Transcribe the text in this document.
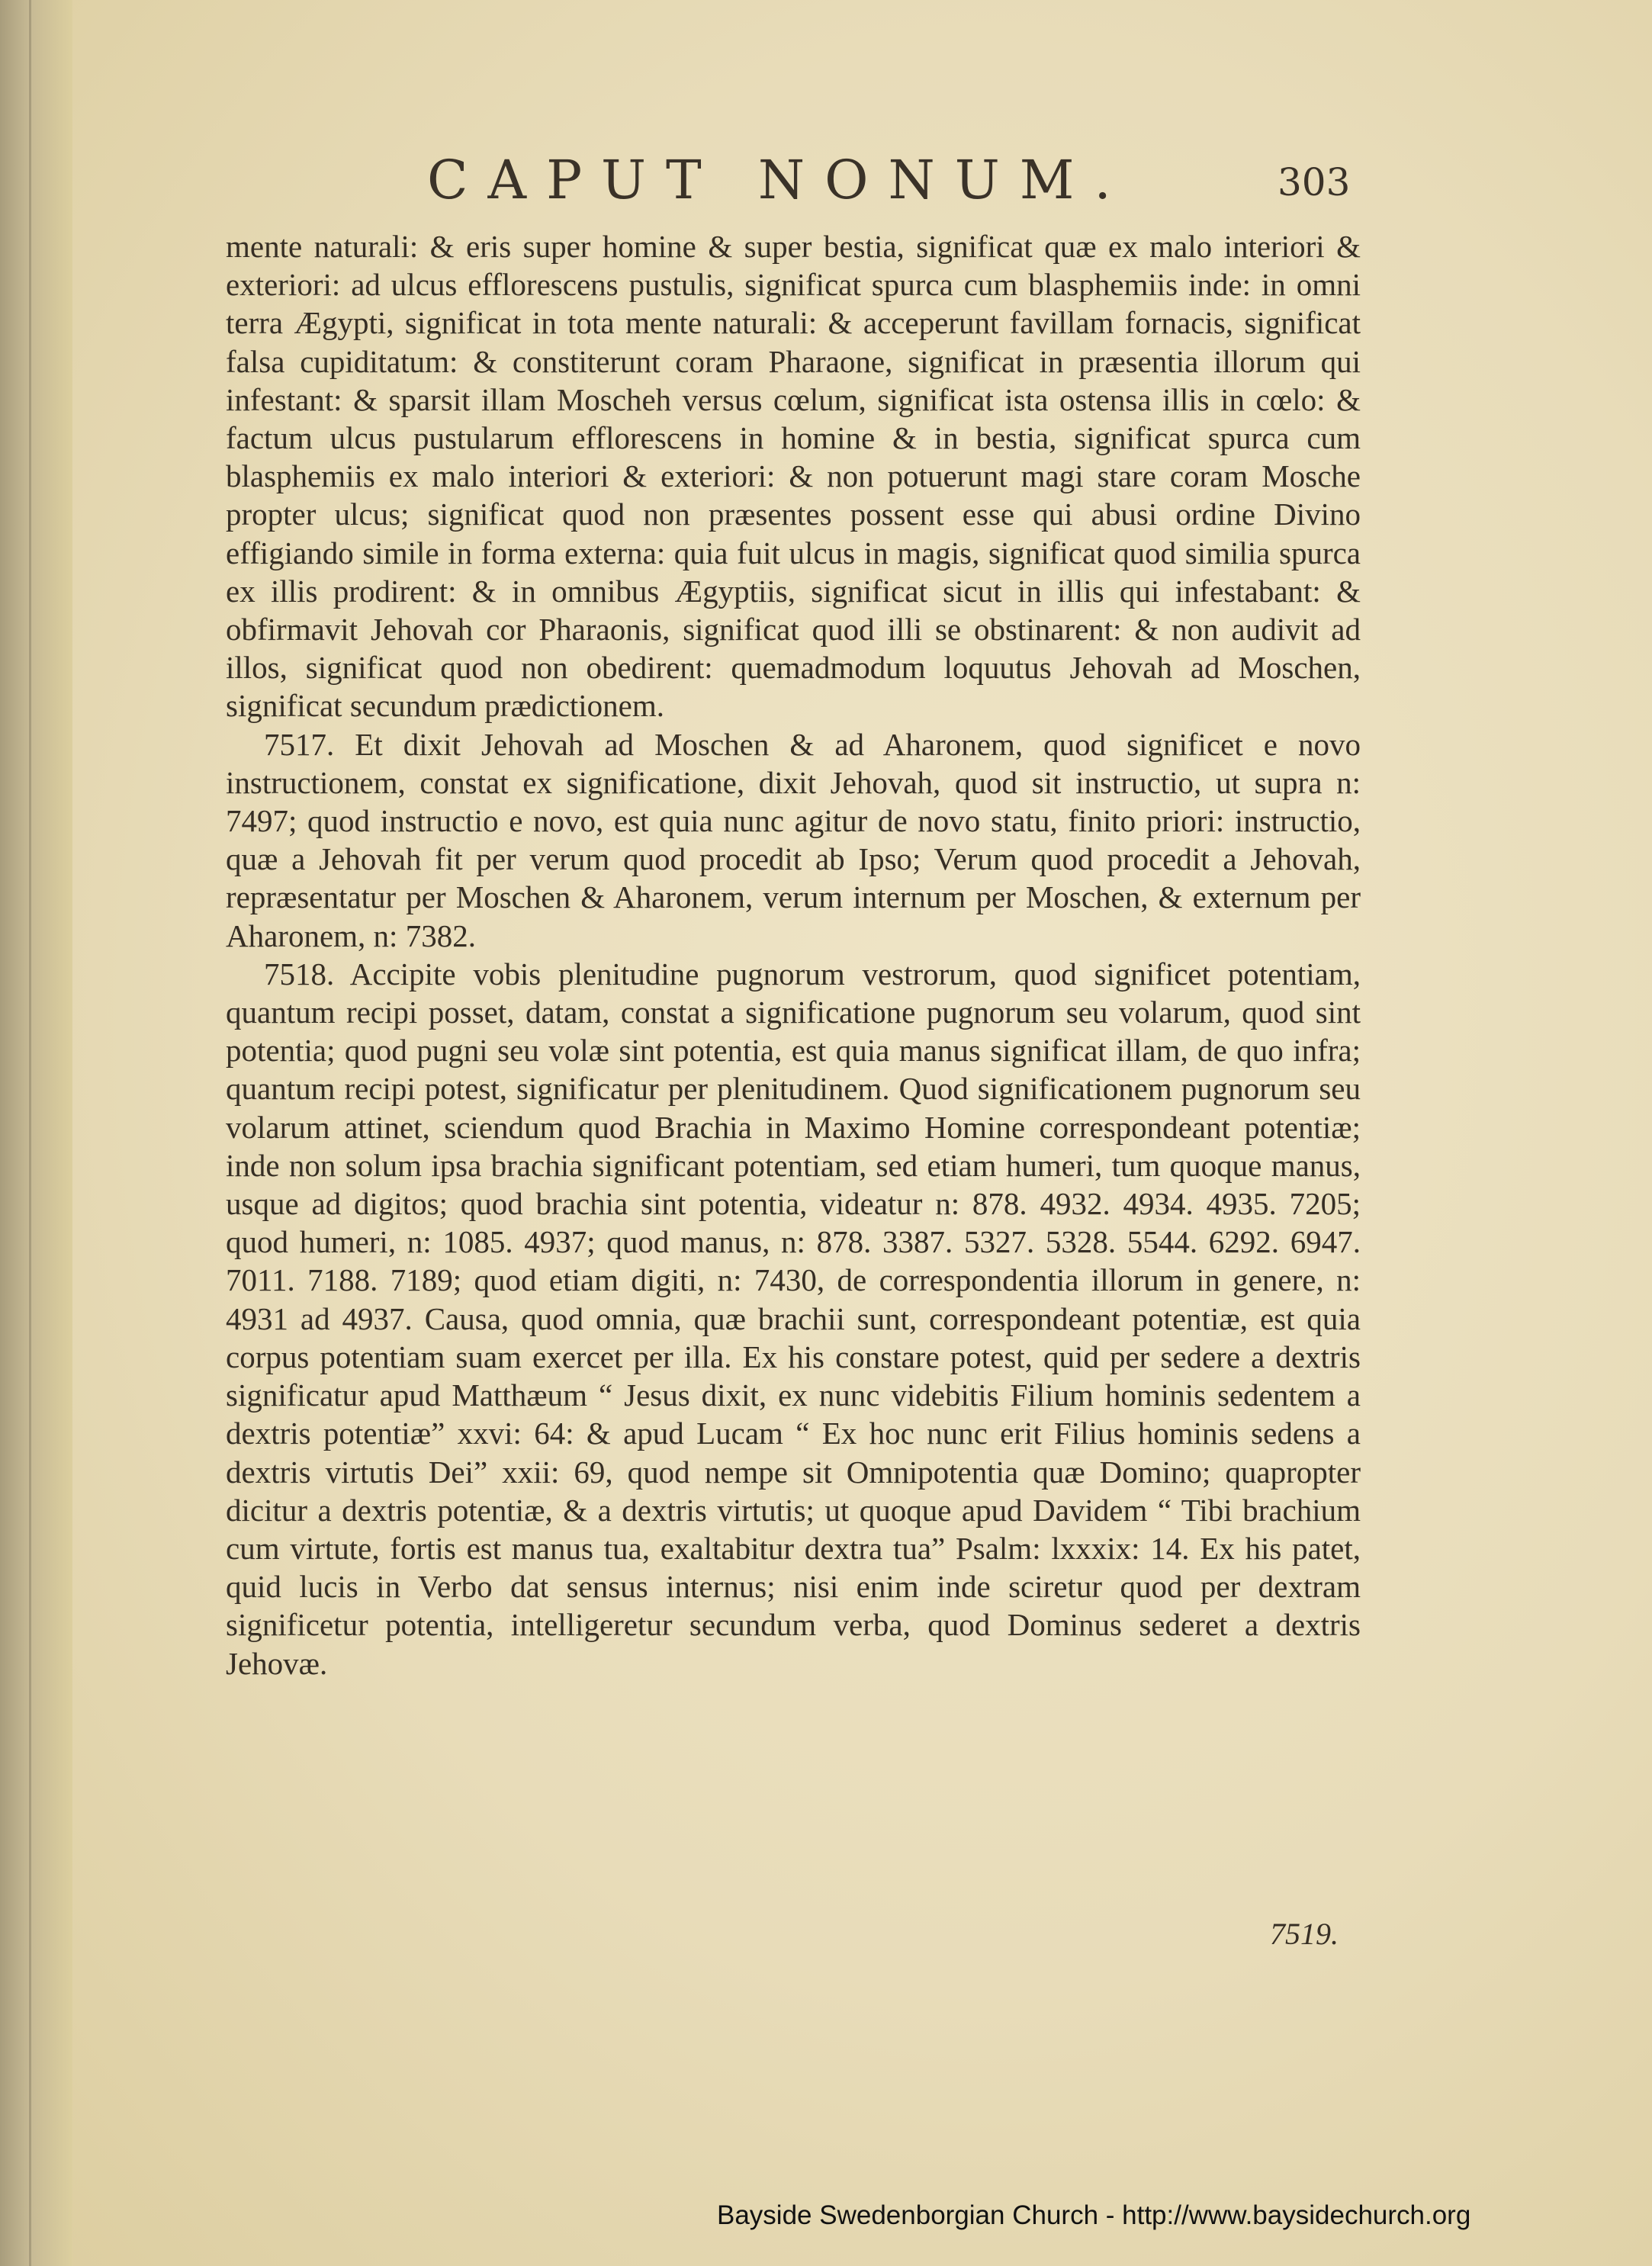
CAPUT NONUM.	303

mente naturali: & eris super homine & super bestia, significat quæ ex malo interiori & exteriori: ad ulcus efflorescens pustulis, significat spurca cum blasphemiis inde: in omni terra Ægypti, significat in tota mente naturali: & acceperunt favillam fornacis, significat falsa cupiditatum: & constiterunt coram Pharaone, significat in præsentia illorum qui infestant: & sparsit illam Moscheh versus cœlum, significat ista ostensa illis in cœlo: & factum ulcus pustularum efflorescens in homine & in bestia, significat spurca cum blasphemiis ex malo interiori & exteriori: & non potuerunt magi stare coram Mosche propter ulcus; significat quod non præsentes possent esse qui abusi ordine Divino effigiando simile in forma externa: quia fuit ulcus in magis, significat quod similia spurca ex illis prodirent: & in omnibus Ægyptiis, significat sicut in illis qui infestabant: & obfirmavit Jehovah cor Pharaonis, significat quod illi se obstinarent: & non audivit ad illos, significat quod non obedirent: quemadmodum loquutus Jehovah ad Moschen, significat secundum prædictionem.

7517. Et dixit Jehovah ad Moschen & ad Aharonem, quod significet e novo instructionem, constat ex significatione, dixit Jehovah, quod sit instructio, ut supra n: 7497; quod instructio e novo, est quia nunc agitur de novo statu, finito priori: instructio, quæ a Jehovah fit per verum quod procedit ab Ipso; Verum quod procedit a Jehovah, repræsentatur per Moschen & Aharonem, verum internum per Moschen, & externum per Aharonem, n: 7382.

7518. Accipite vobis plenitudine pugnorum vestrorum, quod significet potentiam, quantum recipi posset, datam, constat a significatione pugnorum seu volarum, quod sint potentia; quod pugni seu volæ sint potentia, est quia manus significat illam, de quo infra; quantum recipi potest, significatur per plenitudinem. Quod significationem pugnorum seu volarum attinet, sciendum quod Brachia in Maximo Homine correspondeant potentiæ; inde non solum ipsa brachia significant potentiam, sed etiam humeri, tum quoque manus, usque ad digitos; quod brachia sint potentia, videatur n: 878. 4932. 4934. 4935. 7205; quod humeri, n: 1085. 4937; quod manus, n: 878. 3387. 5327. 5328. 5544. 6292. 6947. 7011. 7188. 7189; quod etiam digiti, n: 7430, de correspondentia illorum in genere, n: 4931 ad 4937. Causa, quod omnia, quæ brachii sunt, correspondeant potentiæ, est quia corpus potentiam suam exercet per illa. Ex his constare potest, quid per sedere a dextris significatur apud Matthæum “ Jesus dixit, ex nunc videbitis Filium hominis sedentem a dextris potentiæ” xxvi: 64: & apud Lucam “ Ex hoc nunc erit Filius hominis sedens a dextris virtutis Dei” xxii: 69, quod nempe sit Omnipotentia quæ Domino; quapropter dicitur a dextris potentiæ, & a dextris virtutis; ut quoque apud Davidem “ Tibi brachium cum virtute, fortis est manus tua, exaltabitur dextra tua” Psalm: lxxxix: 14. Ex his patet, quid lucis in Verbo dat sensus internus; nisi enim inde sciretur quod per dextram significetur potentia, intelligeretur secundum verba, quod Dominus sederet a dextris Jehovæ.

7519.
Bayside Swedenborgian Church - http://www.baysidechurch.org
